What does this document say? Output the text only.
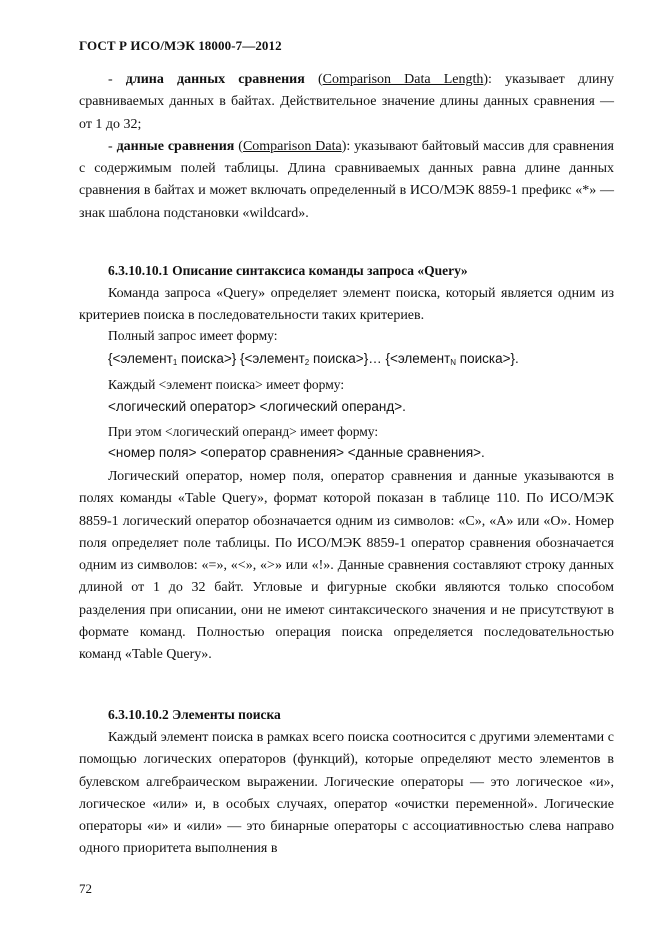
ГОСТ Р ИСО/МЭК 18000-7—2012

- длина данных сравнения (Comparison Data Length): указывает длину сравниваемых данных в байтах. Действительное значение длины данных сравнения — от 1 до 32;

- данные сравнения (Comparison Data): указывают байтовый массив для сравнения с содержимым полей таблицы. Длина сравниваемых данных равна длине данных сравнения в байтах и может включать определенный в ИСО/МЭК 8859-1 префикс «*» — знак шаблона подстановки «wildcard».

6.3.10.10.1 Описание синтаксиса команды запроса «Query»

Команда запроса «Query» определяет элемент поиска, который является одним из критериев поиска в последовательности таких критериев.

Полный запрос имеет форму:
{<элемент$_1$ поиска>} {<элемент$_2$ поиска>}… {<элемент$_N$ поиска>}.
Каждый <элемент поиска> имеет форму:
<логический оператор> <логический операнд>.
При этом <логический операнд> имеет форму:
<номер поля> <оператор сравнения> <данные сравнения>.

Логический оператор, номер поля, оператор сравнения и данные указываются в полях команды «Table Query», формат которой показан в таблице 110. По ИСО/МЭК 8859-1 логический оператор обозначается одним из символов: «C», «A» или «O». Номер поля определяет поле таблицы. По ИСО/МЭК 8859-1 оператор сравнения обозначается одним из символов: «=», «<», «>» или «!». Данные сравнения составляют строку данных длиной от 1 до 32 байт. Угловые и фигурные скобки являются только способом разделения при описании, они не имеют синтаксического значения и не присутствуют в формате команд. Полностью операция поиска определяется последовательностью команд «Table Query».

6.3.10.10.2 Элементы поиска

Каждый элемент поиска в рамках всего поиска соотносится с другими элементами с помощью логических операторов (функций), которые определяют место элементов в булевском алгебраическом выражении. Логические операторы — это логическое «и», логическое «или» и, в особых случаях, оператор «очистки переменной». Логические операторы «и» и «или» — это бинарные операторы с ассоциативностью слева направо одного приоритета выполнения в

72
